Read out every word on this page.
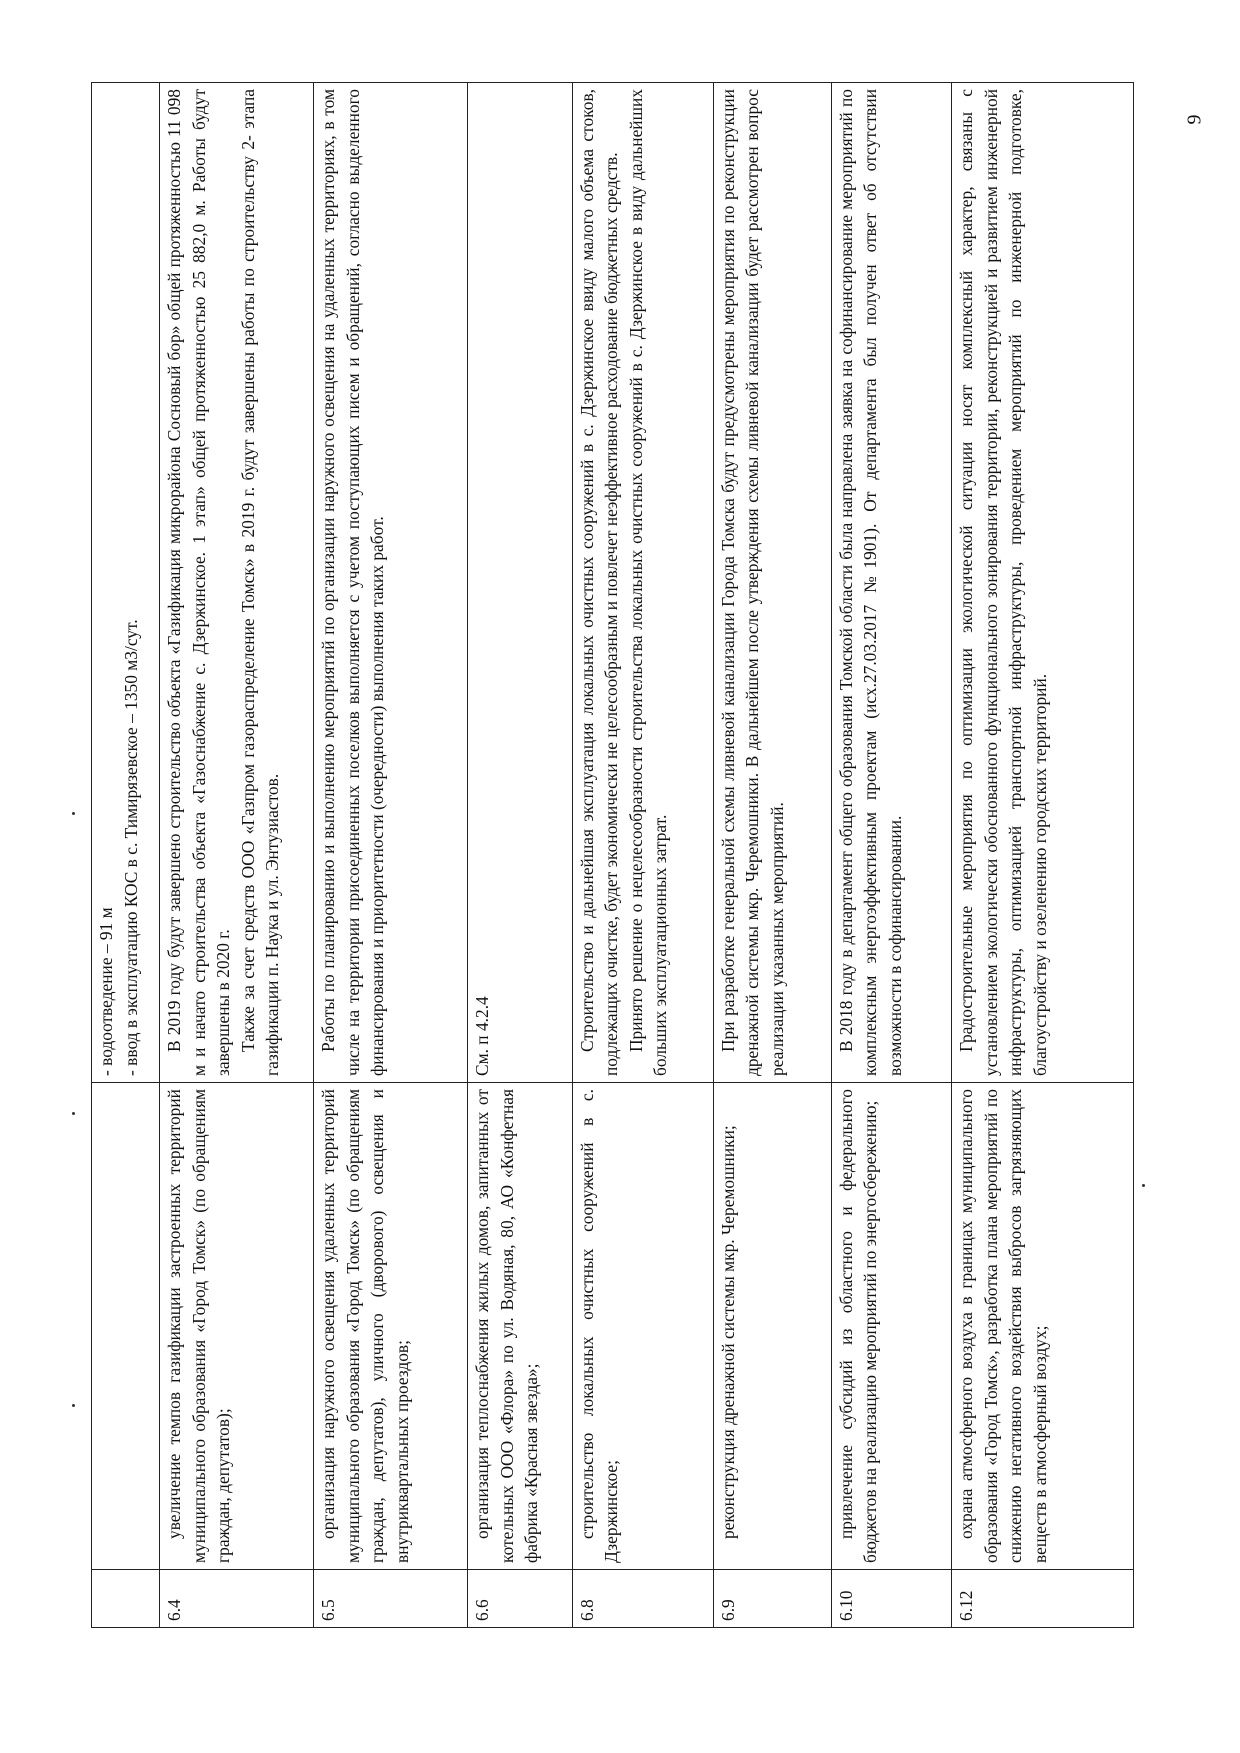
		- водоотведение – 91 м - ввод в эксплуатацию КОС в с. Тимирязевское – 1350 м3/сут.

6.4	увеличение темпов газификации застроенных территорий муниципального образования «Город Томск» (по обращениям граждан, депутатов);	В 2019 году будут завершено строительство объекта «Газификация микрорайона Сосновый бор» общей протяженностью 11 098 м и начато строительства объекта «Газоснабжение с. Дзержинское. 1 этап» общей протяженностью 25 882,0 м. Работы будут завершены в 2020 г. Также за счет средств ООО «Газпром газораспределение Томск» в 2019 г. будут завершены работы по строительству 2- этапа газификации п. Наука и ул. Энтузиастов.

6.5	организация наружного освещения удаленных территорий муниципального образования «Город Томск» (по обращениям граждан, депутатов), уличного (дворового) освещения и внутриквартальных проездов;	Работы по планированию и выполнению мероприятий по организации наружного освещения на удаленных территориях, в том числе на территории присоединенных поселков выполняется с учетом поступающих писем и обращений, согласно выделенного финансирования и приоритетности (очередности) выполнения таких работ.

6.6	организация теплоснабжения жилых домов, запитанных от котельных ООО «Флора» по ул. Водяная, 80, АО «Конфетная фабрика «Красная звезда»;	См. п 4.2.4

6.8	строительство локальных очистных сооружений в с. Дзержинское;	Строительство и дальнейшая эксплуатация локальных очистных сооружений в с. Дзержинское ввиду малого объема стоков, подлежащих очистке, будет экономически не целесообразным и повлечет неэффективное расходование бюджетных средств. Принято решение о нецелесообразности строительства локальных очистных сооружений в с. Дзержинское в виду дальнейших больших эксплуатационных затрат.

6.9	реконструкция дренажной системы мкр. Черемошники;	При разработке генеральной схемы ливневой канализации Города Томска будут предусмотрены мероприятия по реконструкции дренажной системы мкр. Черемошники. В дальнейшем после утверждения схемы ливневой канализации будет рассмотрен вопрос реализации указанных мероприятий.

6.10	привлечение субсидий из областного и федерального бюджетов на реализацию мероприятий по энергосбережению;	В 2018 году в департамент общего образования Томской области была направлена заявка на софинансирование мероприятий по комплексным энергоэффективным проектам (исх.27.03.2017 №1901). От департамента был получен ответ об отсутствии возможности в софинансировании.

6.12	охрана атмосферного воздуха в границах муниципального образования «Город Томск», разработка плана мероприятий по снижению негативного воздействия выбросов загрязняющих веществ в атмосферный воздух;	Градостроительные мероприятия по оптимизации экологической ситуации носят комплексный характер, связаны с установлением экологически обоснованного функционального зонирования территории, реконструкцией и развитием инженерной инфраструктуры, оптимизацией транспортной инфраструктуры, проведением мероприятий по инженерной подготовке, благоустройству и озеленению городских территорий.

9
